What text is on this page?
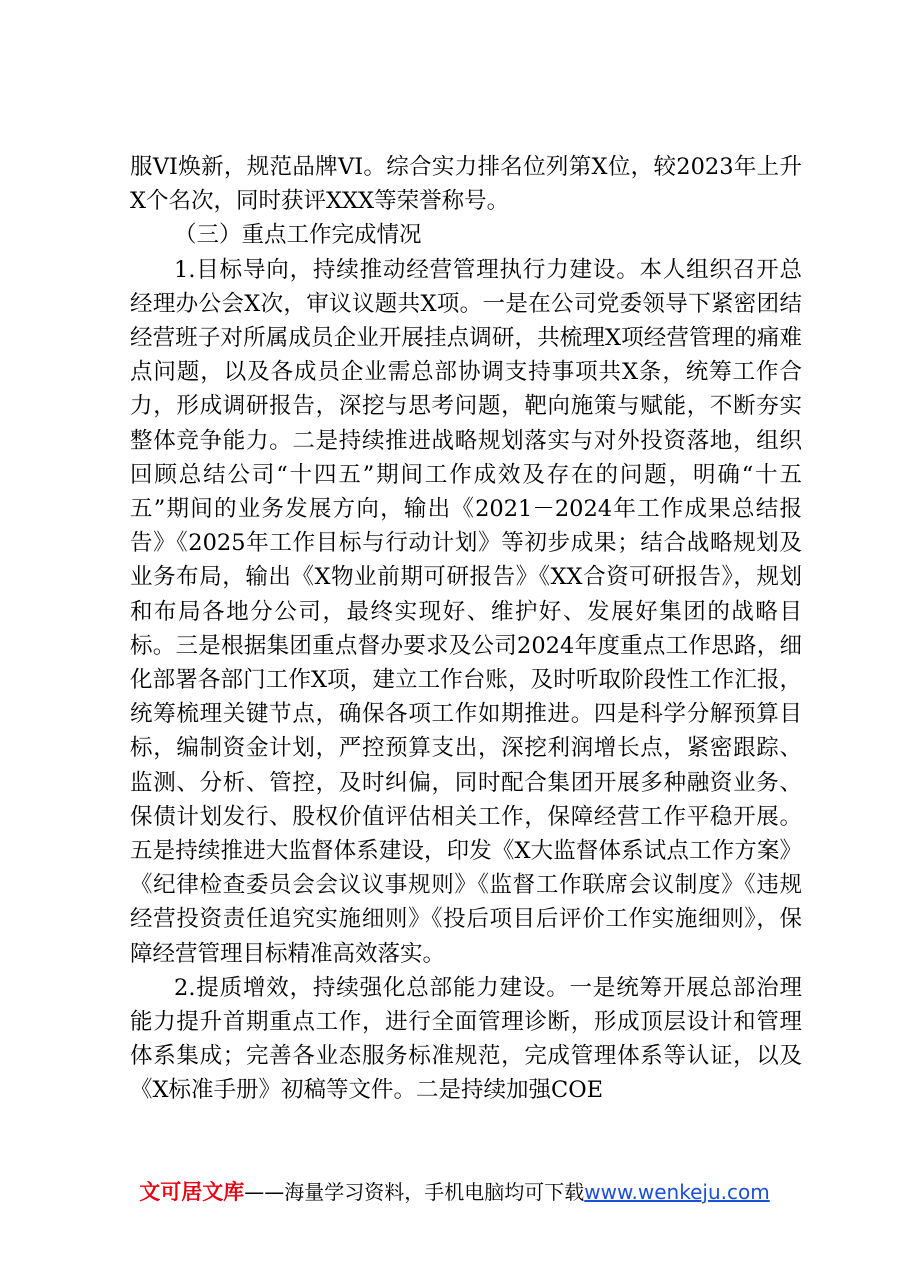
服VI焕新，规范品牌VI。综合实力排名位列第X位，较2023年上升X个名次，同时获评XXX等荣誉称号。

（三）重点工作完成情况

1.目标导向，持续推动经营管理执行力建设。本人组织召开总经理办公会X次，审议议题共X项。一是在公司党委领导下紧密团结经营班子对所属成员企业开展挂点调研，共梳理X项经营管理的痛难点问题，以及各成员企业需总部协调支持事项共X条，统筹工作合力，形成调研报告，深挖与思考问题，靶向施策与赋能，不断夯实整体竞争能力。二是持续推进战略规划落实与对外投资落地，组织回顾总结公司“十四五”期间工作成效及存在的问题，明确“十五五”期间的业务发展方向，输出《2021－2024年工作成果总结报告》《2025年工作目标与行动计划》等初步成果；结合战略规划及业务布局，输出《X物业前期可研报告》《XX合资可研报告》，规划和布局各地分公司，最终实现好、维护好、发展好集团的战略目标。三是根据集团重点督办要求及公司2024年度重点工作思路，细化部署各部门工作X项，建立工作台账，及时听取阶段性工作汇报，统筹梳理关键节点，确保各项工作如期推进。四是科学分解预算目标，编制资金计划，严控预算支出，深挖利润增长点，紧密跟踪、监测、分析、管控，及时纠偏，同时配合集团开展多种融资业务、保债计划发行、股权价值评估相关工作，保障经营工作平稳开展。五是持续推进大监督体系建设，印发《X大监督体系试点工作方案》《纪律检查委员会会议议事规则》《监督工作联席会议制度》《违规经营投资责任追究实施细则》《投后项目后评价工作实施细则》，保障经营管理目标精准高效落实。

2.提质增效，持续强化总部能力建设。一是统筹开展总部治理能力提升首期重点工作，进行全面管理诊断，形成顶层设计和管理体系集成；完善各业态服务标准规范，完成管理体系等认证，以及《X标准手册》初稿等文件。二是持续加强COE

文可居文库——海量学习资料，手机电脑均可下载www.wenkeju.com
